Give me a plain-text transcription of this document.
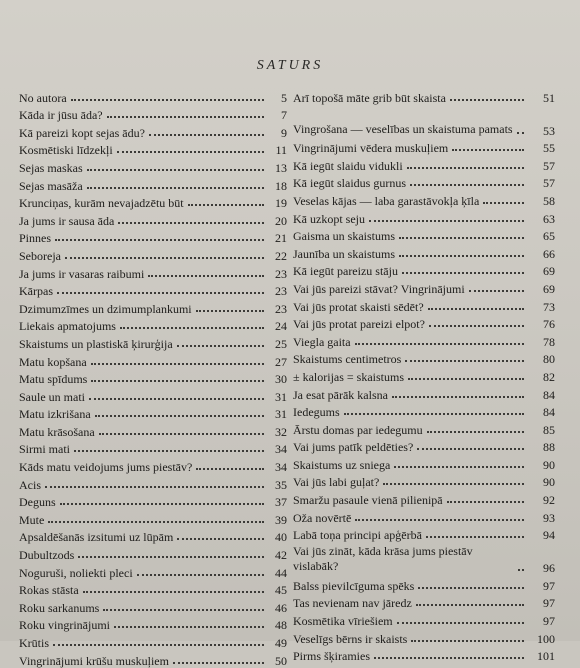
SATURS
No autora	5
Kāda ir jūsu āda?	7
Kā pareizi kopt sejas ādu?	9
Kosmētiski līdzekļi	11
Sejas maskas	13
Sejas masāža	18
Krunciņas, kurām nevajadzētu būt	19
Ja jums ir sausa āda	20
Pinnes	21
Seboreja	22
Ja jums ir vasaras raibumi	23
Kārpas	23
Dzimumzīmes un dzimumplankumi	23
Liekais apmatojums	24
Skaistums un plastiskā ķirurģija	25
Matu kopšana	27
Matu spīdums	30
Saule un mati	31
Matu izkrišana	31
Matu krāsošana	32
Sirmi mati	34
Kāds matu veidojums jums piestāv?	34
Acis	35
Deguns	37
Mute	39
Apsaldēšanās izsitumi uz lūpām	40
Dubultzods	42
Noguruši, noliekti pleci	44
Rokas stāsta	45
Roku sarkanums	46
Roku vingrinājumi	48
Krūtis	49
Vingrinājumi krūšu muskuļiem	50
Arī topošā māte grib būt skaista	51
Vingrošana — veselības un skaistuma pamats	53
Vingrinājumi vēdera muskuļiem	55
Kā iegūt slaidu vidukli	57
Kā iegūt slaidus gurnus	57
Veselas kājas — laba garastāvokļa ķīla	58
Kā uzkopt seju	63
Gaisma un skaistums	65
Jaunība un skaistums	66
Kā iegūt pareizu stāju	69
Vai jūs pareizi stāvat? Vingrinājumi	69
Vai jūs protat skaisti sēdēt?	73
Vai jūs protat pareizi elpot?	76
Viegla gaita	78
Skaistums centimetros	80
± kalorijas = skaistums	82
Ja esat pārāk kalsna	84
Iedegums	84
Ārstu domas par iedegumu	85
Vai jums patīk peldēties?	88
Skaistums uz sniega	90
Vai jūs labi guļat?	90
Smaržu pasaule vienā pilienipā	92
Oža novērtē	93
Labā toņa principi apģērbā	94
Vai jūs zināt, kāda krāsa jums piestāv vislabāk?	96
Balss pievilcīguma spēks	97
Tas nevienam nav jāredz	97
Kosmētika vīriešiem	97
Veselīgs bērns ir skaists	100
Pirms šķiramies	101
